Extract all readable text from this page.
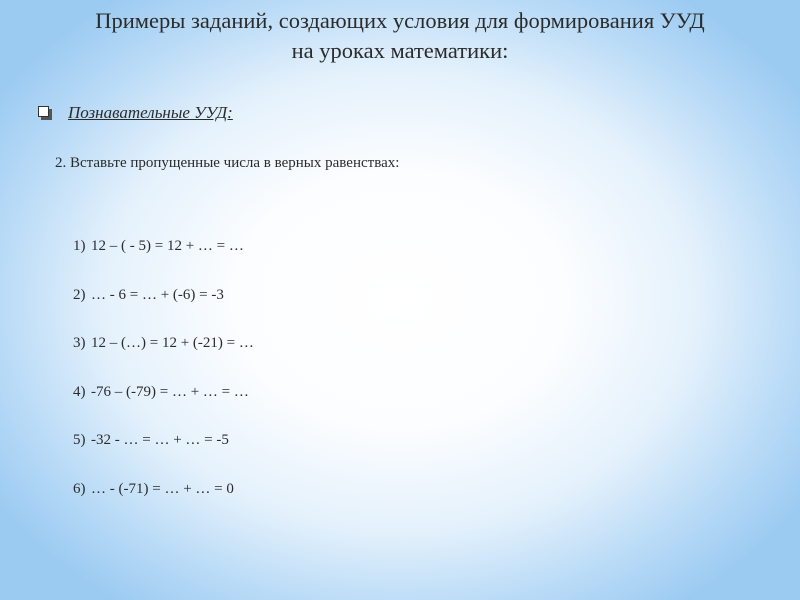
Примеры заданий, создающих условия для формирования УУД
на уроках математики:
Познавательные УУД:
2. Вставьте пропущенные числа в верных равенствах:
1) 12 – ( - 5) = 12 + … = …
2) … - 6 = … + (-6) = -3
3) 12 – (…) = 12 + (-21) = …
4) -76 – (-79) = … + … = …
5) -32 - … = … + … = -5
6) … - (-71) = … + … = 0
